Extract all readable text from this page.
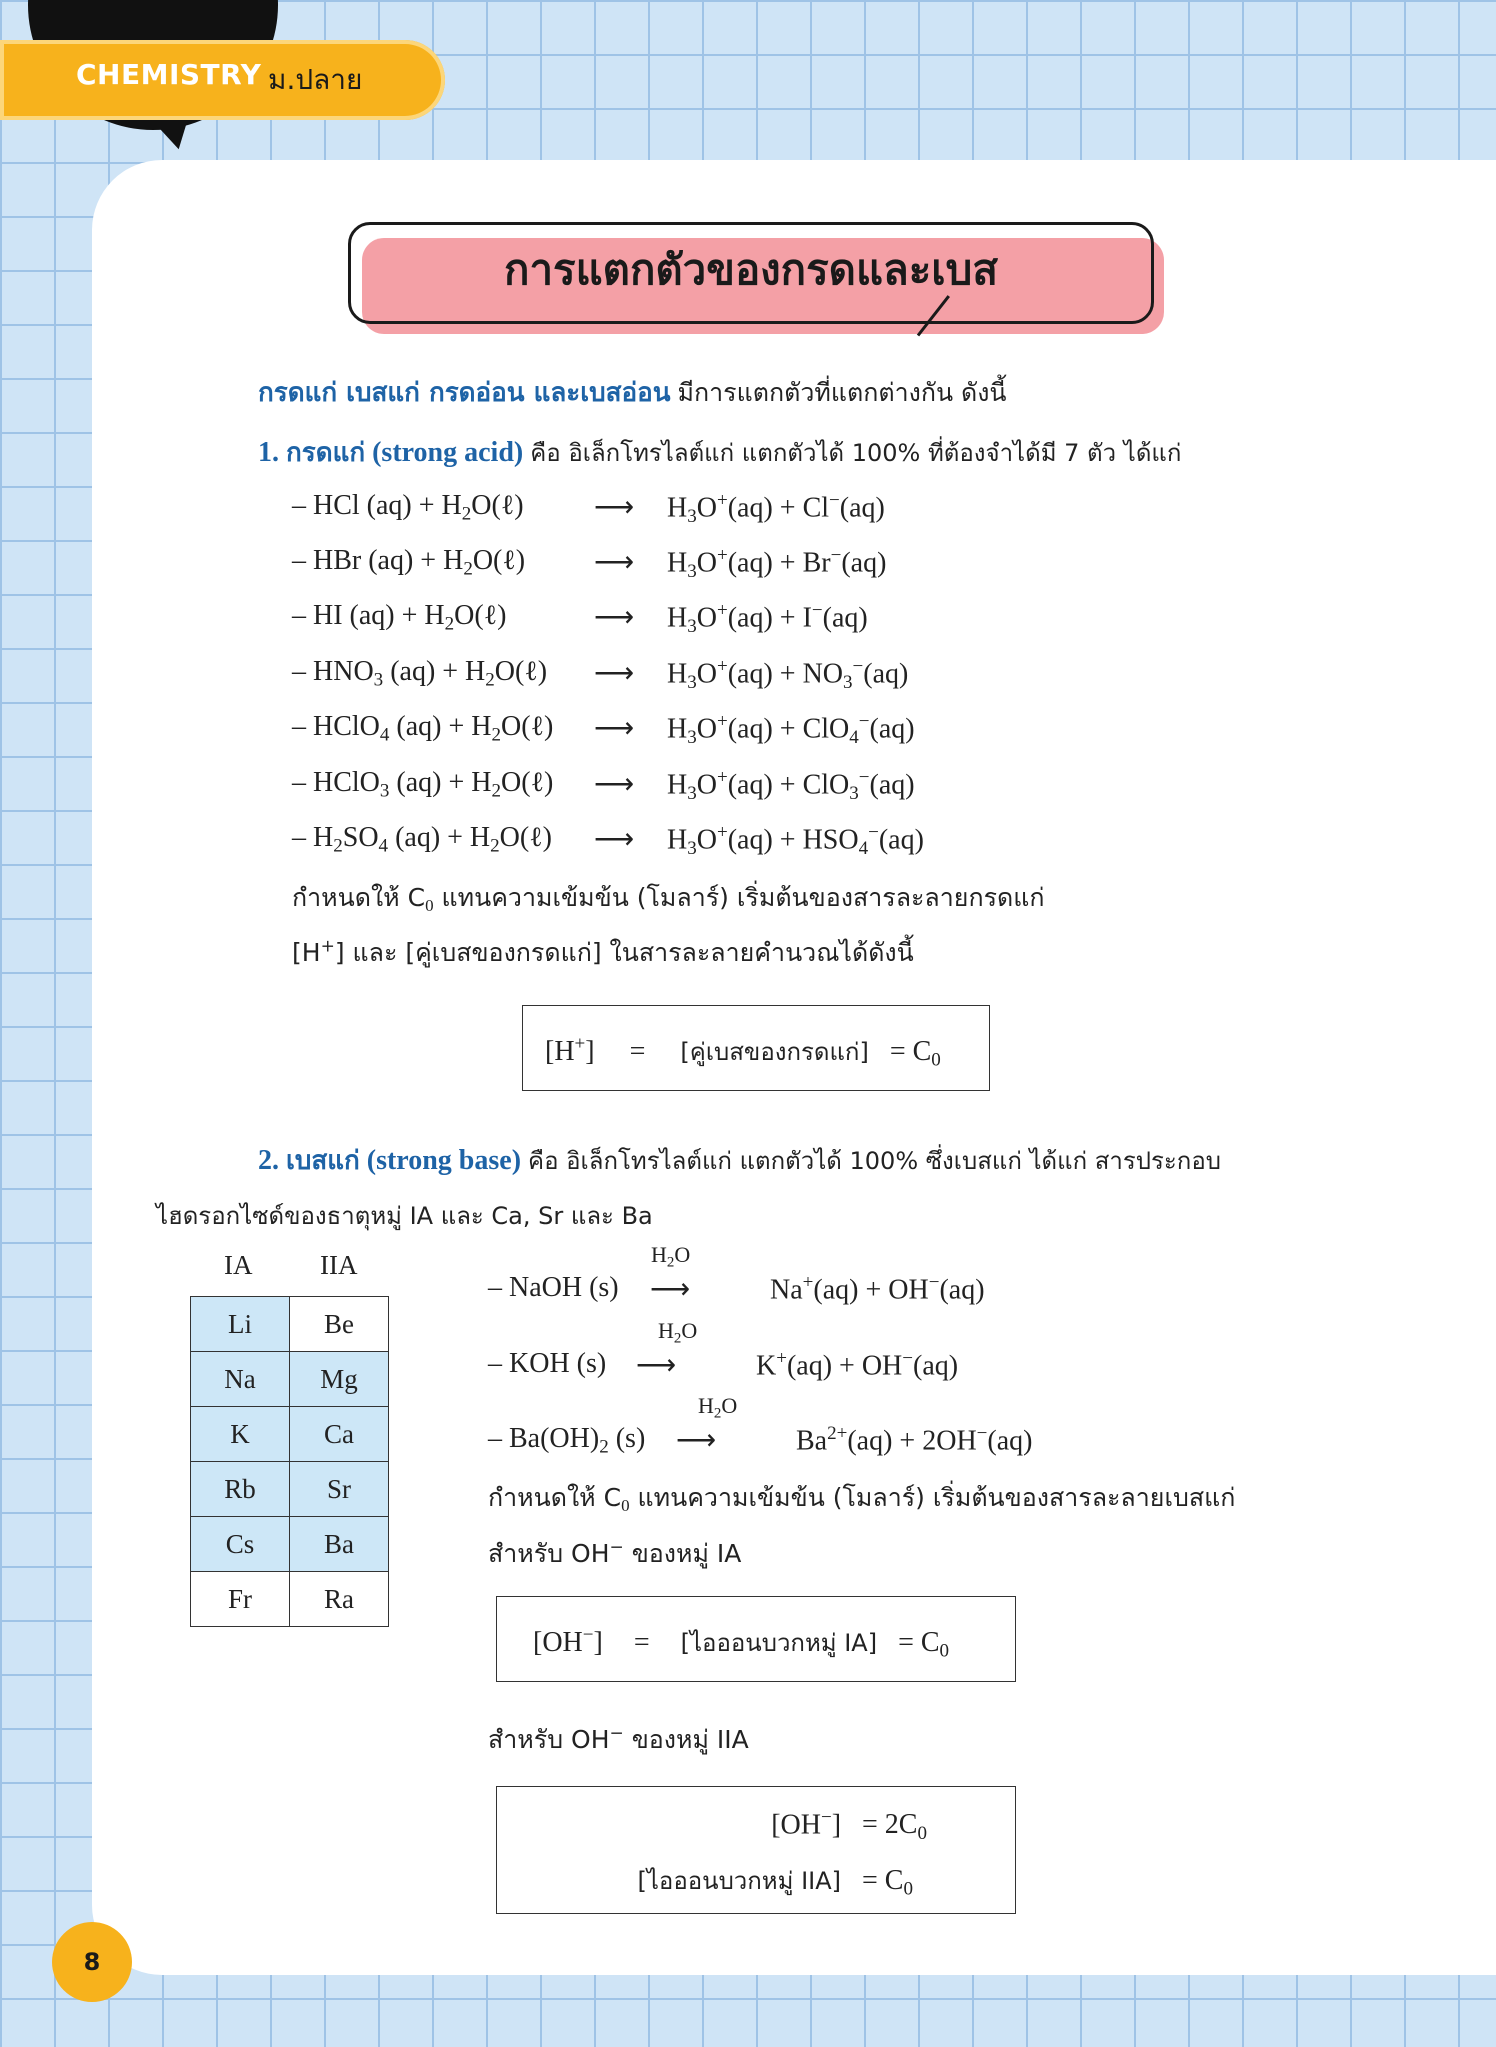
CHEMISTRY ม.ปลาย
การแตกตัวของกรดและเบส
กรดแก่ เบสแก่ กรดอ่อน และเบสอ่อน มีการแตกตัวที่แตกต่างกัน ดังนี้
1. กรดแก่ (strong acid) คือ อิเล็กโทรไลต์แก่ แตกตัวได้ 100% ที่ต้องจำได้มี 7 ตัว ได้แก่
– HCl $(aq) + H_2O(\ell)$	⟶ $H_3O^+(aq) + Cl^-(aq)$
– HBr $(aq) + H_2O(\ell)$ ⟶ $H_3O^+(aq) + Br^-(aq)$
– HI $(aq) + H_2O(\ell)$	⟶ $H_3O^+(aq) + I^-(aq)$
– $HNO_3$ $(aq) + H_2O(\ell)$ ⟶ $H_3O^+(aq) + NO_3^-(aq)$
– HClO$_4$ $(aq) + H_2O(\ell)$ ⟶ $H_3O^+(aq) + ClO_4^-(aq)$
– HClO$_3$ $(aq) + H_2O(\ell)$ ⟶ $H_3O^+(aq) + ClO_3^-(aq)$
– $H_2SO_4$ $(aq) + H_2O(\ell)$ ⟶ $H_3O^+(aq) + HSO_4^-(aq)$
กำหนดให้ $C_0$ แทนความเข้มข้น (โมลาร์) เริ่มต้นของสารละลายกรดแก่
[H+] และ [คู่เบสของกรดแก่] ในสารละลายคำนวณได้ดังนี้
[H+] = [คู่เบสของกรดแก่] = $C_0$
2. เบสแก่ (strong base) คือ อิเล็กโทรไลต์แก่ แตกตัวได้ 100% ซึ่งเบสแก่ ได้แก่ สารประกอบ
ไฮดรอกไซด์ของธาตุหมู่ IA และ Ca, Sr และ Ba
IA	IIA
Li	Be
Na	Mg
K	Ca
Rb	Sr
Cs	Ba
Fr	Ra
– NaOH (s)
$H_2O$
⟶	Na+(aq) + OH−(aq)
– KOH (s)
$H_2O$
⟶	K+(aq) + OH−(aq)
– $Ba(OH)_2$ (s)
$H_2O$
⟶	$Ba^{2+}(aq) + 2OH^-(aq)$
กำหนดให้ $C_0$ แทนความเข้มข้น (โมลาร์) เริ่มต้นของสารละลายเบสแก่
สำหรับ OH− ของหมู่ IA
[OH−] = [ไอออนบวกหมู่ $IA] = C_0$
สำหรับ OH− ของหมู่ IIA
$[OH^-] = 2C_0$
[ไอออนบวกหมู่ $IIA] = C_0$
8
